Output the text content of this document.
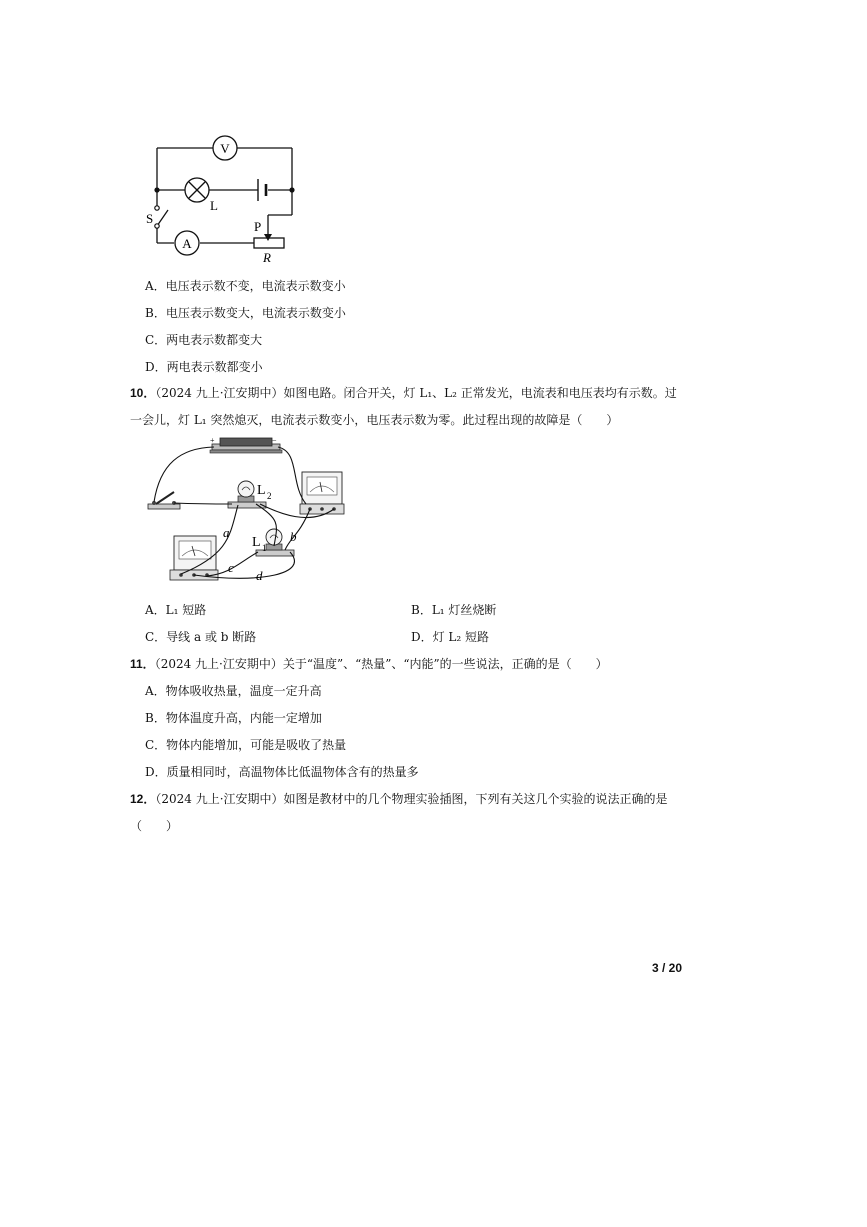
V
L
A
S
P
R
A．电压表示数不变，电流表示数变小
B．电压表示数变大，电流表示数变小
C．两电表示数都变大
D．两电表示数都变小
10．（2024 九上·江安期中）如图电路。闭合开关，灯 L₁、L₂ 正常发光，电流表和电压表均有示数。过
一会儿，灯 L₁ 突然熄灭，电流表示数变小，电压表示数为零。此过程出现的故障是（　　）
+	−
L 2
L 1
a	b
c
d
A．L₁ 短路	B．L₁ 灯丝烧断
C．导线 a 或 b 断路	D．灯 L₂ 短路
11．（2024 九上·江安期中）关于“温度”、“热量”、“内能”的一些说法，正确的是（　　）
A．物体吸收热量，温度一定升高
B．物体温度升高，内能一定增加
C．物体内能增加，可能是吸收了热量
D．质量相同时，高温物体比低温物体含有的热量多
12．（2024 九上·江安期中）如图是教材中的几个物理实验插图，下列有关这几个实验的说法正确的是
（　　）
3 / 20
